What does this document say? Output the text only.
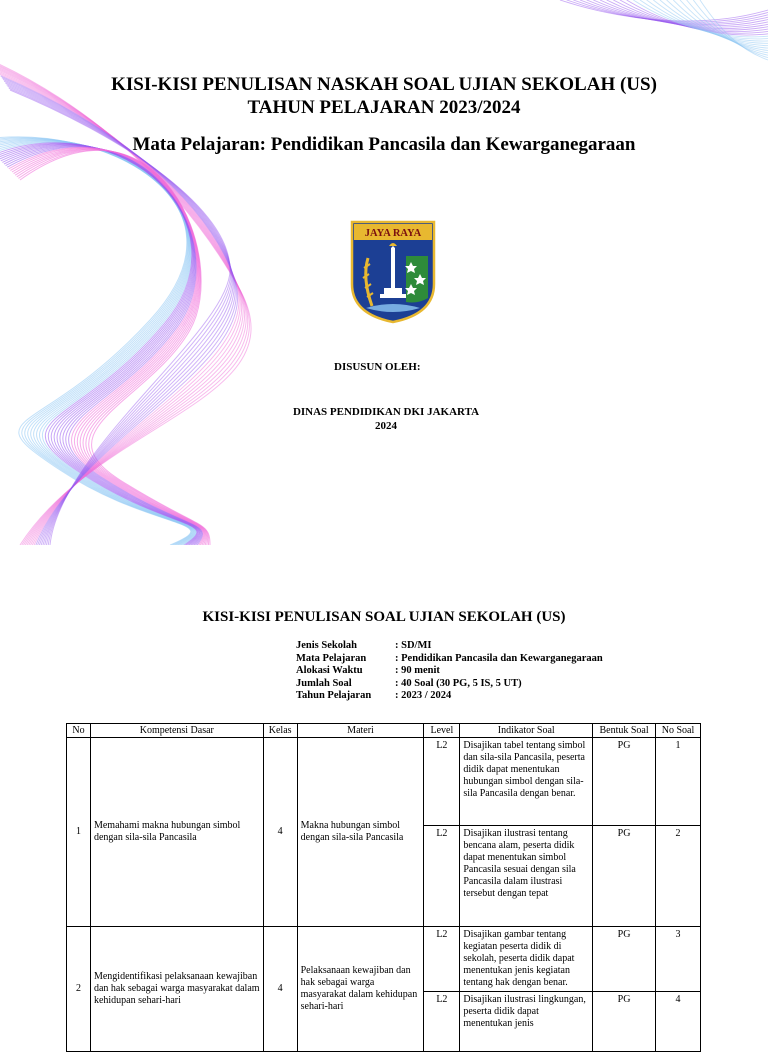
KISI-KISI PENULISAN NASKAH SOAL UJIAN SEKOLAH (US)
TAHUN PELAJARAN 2023/2024
Mata Pelajaran: Pendidikan Pancasila dan Kewarganegaraan
JAYA RAYA
DISUSUN OLEH:
DINAS PENDIDIKAN DKI JAKARTA
2024
KISI-KISI PENULISAN SOAL UJIAN SEKOLAH (US)
Jenis Sekolah	: SD/MI
Mata Pelajaran	: Pendidikan Pancasila dan Kewarganegaraan
Alokasi Waktu	: 90 menit
Jumlah Soal	: 40 Soal (30 PG, 5 IS, 5 UT)
Tahun Pelajaran	: 2023 / 2024
No	Kompetensi Dasar	Kelas	Materi	Level	Indikator Soal	Bentuk Soal	No Soal
1	Memahami makna hubungan simbol dengan sila-sila Pancasila	4	Makna hubungan simbol dengan sila-sila Pancasila	L2	Disajikan tabel tentang simbol dan sila-sila Pancasila, peserta didik dapat menentukan hubungan simbol dengan sila-sila Pancasila dengan benar.	PG	1
				L2	Disajikan ilustrasi tentang bencana alam, peserta didik dapat menentukan simbol Pancasila sesuai dengan sila Pancasila dalam ilustrasi tersebut dengan tepat	PG	2
2	Mengidentifikasi pelaksanaan kewajiban dan hak sebagai warga masyarakat dalam kehidupan sehari-hari	4	Pelaksanaan kewajiban dan hak sebagai warga masyarakat dalam kehidupan sehari-hari	L2	Disajikan gambar tentang kegiatan peserta didik di sekolah, peserta didik dapat menentukan jenis kegiatan tentang hak dengan benar.	PG	3
				L2	Disajikan ilustrasi lingkungan, peserta didik dapat menentukan jenis	PG	4
